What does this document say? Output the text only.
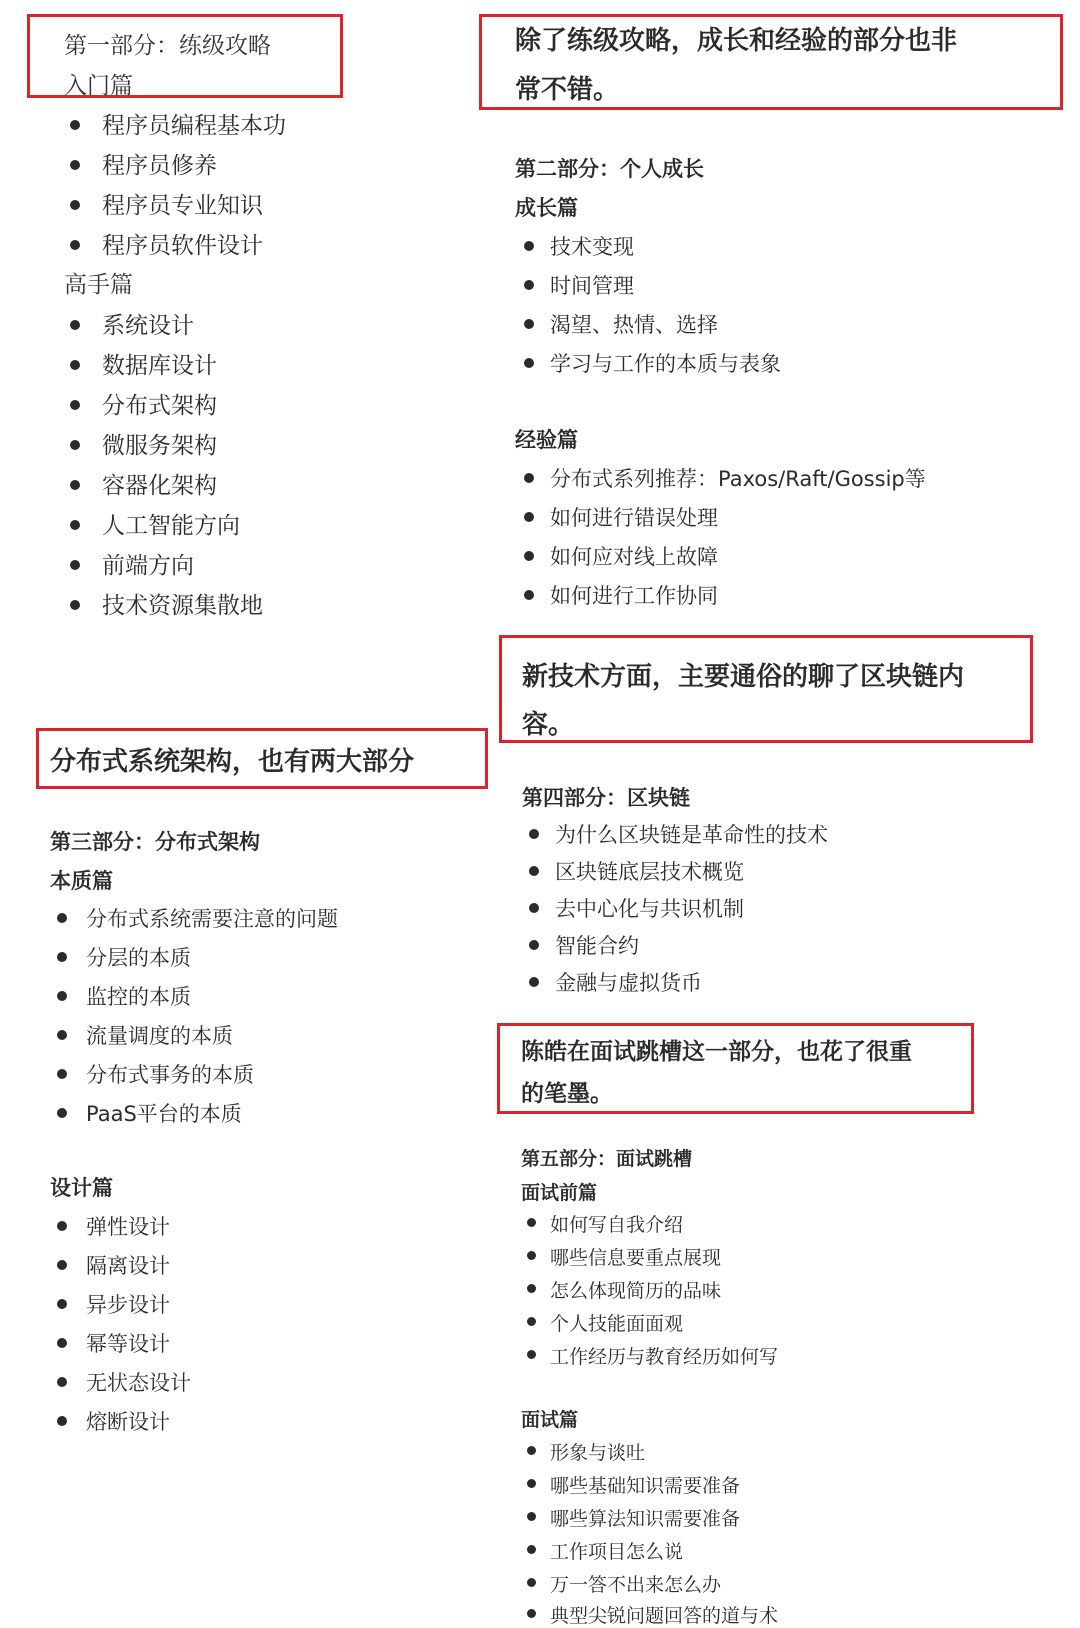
第一部分：练级攻略
入门篇
程序员编程基本功
程序员修养
程序员专业知识
程序员软件设计
高手篇
系统设计
数据库设计
分布式架构
微服务架构
容器化架构
人工智能方向
前端方向
技术资源集散地
除了练级攻略，成长和经验的部分也非
常不错。
第二部分：个人成长
成长篇
技术变现
时间管理
渴望、热情、选择
学习与工作的本质与表象
经验篇
分布式系列推荐：Paxos/Raft/Gossip等
如何进行错误处理
如何应对线上故障
如何进行工作协同
分布式系统架构，也有两大部分
第三部分：分布式架构
本质篇
分布式系统需要注意的问题
分层的本质
监控的本质
流量调度的本质
分布式事务的本质
PaaS平台的本质
设计篇
弹性设计
隔离设计
异步设计
幂等设计
无状态设计
熔断设计
新技术方面，主要通俗的聊了区块链内
容。
第四部分：区块链
为什么区块链是革命性的技术
区块链底层技术概览
去中心化与共识机制
智能合约
金融与虚拟货币
陈皓在面试跳槽这一部分，也花了很重
的笔墨。
第五部分：面试跳槽
面试前篇
如何写自我介绍
哪些信息要重点展现
怎么体现简历的品味
个人技能面面观
工作经历与教育经历如何写
面试篇
形象与谈吐
哪些基础知识需要准备
哪些算法知识需要准备
工作项目怎么说
万一答不出来怎么办
典型尖锐问题回答的道与术
